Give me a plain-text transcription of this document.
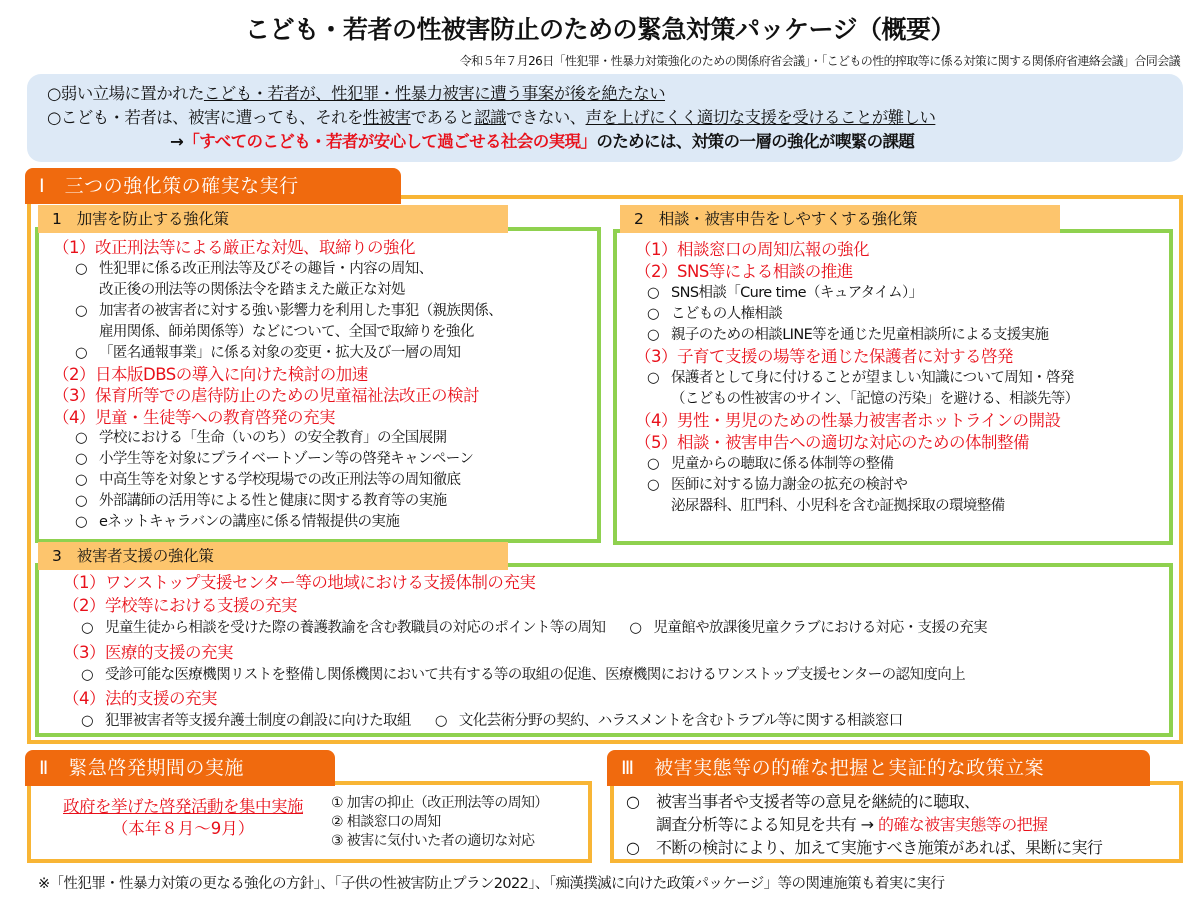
こども・若者の性被害防止のための緊急対策パッケージ（概要）
令和５年７月26日「性犯罪・性暴力対策強化のための関係府省会議」・「こどもの性的搾取等に係る対策に関する関係府省連絡会議」合同会議
○弱い立場に置かれたこども・若者が、性犯罪・性暴力被害に遭う事案が後を絶たない
○こども・若者は、被害に遭っても、それを性被害であると認識できない、声を上げにくく適切な支援を受けることが難しい
→「すべてのこども・若者が安心して過ごせる社会の実現」のためには、対策の一層の強化が喫緊の課題
Ⅰ　三つの強化策の確実な実行
（1）改正刑法等による厳正な対処、取締りの強化
○ 性犯罪に係る改正刑法等及びその趣旨・内容の周知、
改正後の刑法等の関係法令を踏まえた厳正な対処
○ 加害者の被害者に対する強い影響力を利用した事犯（親族関係、
雇用関係、師弟関係等）などについて、全国で取締りを強化
○ 「匿名通報事業」に係る対象の変更・拡大及び一層の周知
（2）日本版DBSの導入に向けた検討の加速
（3）保育所等での虐待防止のための児童福祉法改正の検討
（4）児童・生徒等への教育啓発の充実
○ 学校における「生命（いのち）の安全教育」の全国展開
○ 小学生等を対象にプライベートゾーン等の啓発キャンペーン
○ 中高生等を対象とする学校現場での改正刑法等の周知徹底
○ 外部講師の活用等による性と健康に関する教育等の実施
○ eネットキャラバンの講座に係る情報提供の実施
1　加害を防止する強化策
（1）相談窓口の周知広報の強化
（2）SNS等による相談の推進
○ SNS相談「Cure time（キュアタイム）」
○ こどもの人権相談
○ 親子のための相談LINE等を通じた児童相談所による支援実施
（3）子育て支援の場等を通じた保護者に対する啓発
○ 保護者として身に付けることが望ましい知識について周知・啓発
（こどもの性被害のサイン、「記憶の汚染」を避ける、相談先等）
（4）男性・男児のための性暴力被害者ホットラインの開設
（5）相談・被害申告への適切な対応のための体制整備
○ 児童からの聴取に係る体制等の整備
○ 医師に対する協力謝金の拡充の検討や
泌尿器科、肛門科、小児科を含む証拠採取の環境整備
2　相談・被害申告をしやすくする強化策
（1）ワンストップ支援センター等の地域における支援体制の充実
（2）学校等における支援の充実
○ 児童生徒から相談を受けた際の養護教諭を含む教職員の対応のポイント等の周知 ○ 児童館や放課後児童クラブにおける対応・支援の充実
（3）医療的支援の充実
○ 受診可能な医療機関リストを整備し関係機関において共有する等の取組の促進、医療機関におけるワンストップ支援センターの認知度向上
（4）法的支援の充実
○ 犯罪被害者等支援弁護士制度の創設に向けた取組 ○ 文化芸術分野の契約、ハラスメントを含むトラブル等に関する相談窓口
3　被害者支援の強化策
Ⅱ　緊急啓発期間の実施
政府を挙げた啓発活動を集中実施
（本年８月～9月）
① 加害の抑止（改正刑法等の周知）
② 相談窓口の周知
③ 被害に気付いた者の適切な対応
Ⅲ　被害実態等の的確な把握と実証的な政策立案
○ 被害当事者や支援者等の意見を継続的に聴取、
調査分析等による知見を共有 → 的確な被害実態等の把握
○ 不断の検討により、加えて実施すべき施策があれば、果断に実行
※「性犯罪・性暴力対策の更なる強化の方針」、「子供の性被害防止プラン2022」、「痴漢撲滅に向けた政策パッケージ」等の関連施策も着実に実行
